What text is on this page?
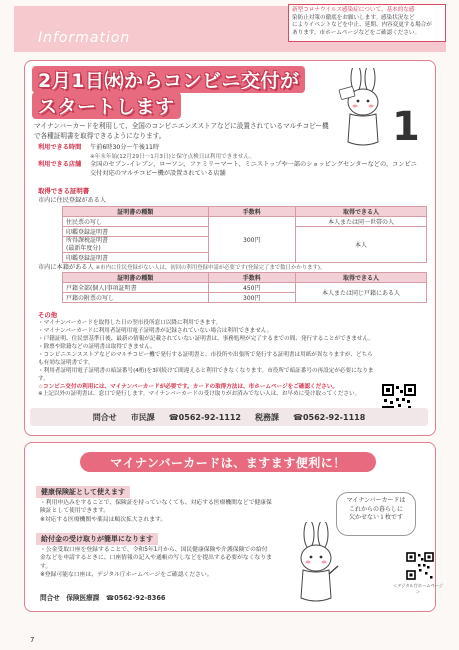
Information
新型コロナウイルス感染症について、基本的な感
染防止対策の徹底をお願いします。感染状況など
によりイベントなどを中止、延期、内容変更する場合が
あります。市ホームページなどをご確認ください。
2月1日㈬からコンビニ交付が
スタートします	1
マイナンバーカードを利用して、全国のコンビニエンスストアなどに設置されているマルチコピー機で各種証明書を取得できるようになります。
利用できる時間	午前6時30分〜午後11時
※年末年始(12月29日〜1月3日)と保守点検日は利用できません。
利用できる店舗	全国のセブン-イレブン、ローソン、ファミリーマート、ミニストップや一部のショッピングセンターなどの、コンビニ交付対応のマルチコピー機が設置されている店舗
取得できる証明書
市内に住民登録がある人
証明書の種類	手数料	取得できる人
住民票の写し	300円	本人または同一世帯の人
印鑑登録証明書		本人
所得課税証明書
(最新年度分)		
印鑑登録証明書		
市内に本籍がある人 ※市内に住民登録がない人は、初回の利用登録申請が必要です(登録完了まで数日かかります)。
証明書の種類	手数料	取得できる人
戸籍全部(個人)事項証明書	450円	本人または同じ戸籍にある人
戸籍の附票の写し	300円	
その他
・マイナンバーカードを取得した日の翌市役所窓口以降に利用できます。
・マイナンバーカードに利用者証明用電子証明書が記録されていない場合は利用できません。
・戸籍証明、住民票基準日後、最新の情報が記載されていない証明書は、事務処理が完了するまでの間、発行することができません。
・除票や除籍などの証明書は取得できません。
・コンビニエンスストアなどのマルチコピー機で発行する証明書と、市役所や出張所で発行する証明書は用紙が異なりますが、どちらも有効な証明書です。
・利用者証明用電子証明書の暗証番号(4桁)を3回続けて間違えると利用できなくなります。市役所で暗証番号の再設定が必要になります。
☆コンビニ交付の利用には、マイナンバーカードが必要です。カードの取得方法は、市ホームページをご確認ください。
※上記以外の証明書は、窓口で発行します。マイナンバーカードの受け取りがお済みでない人は、お早めに受け取ってください。
問合せ 市民課 ☎0562-92-1112 税務課 ☎0562-92-1118
マイナンバーカードは、ますます便利に！
健康保険証として使えます
・利用申込みをすることで、保険証を持っていなくても、対応する医療機関などで健康保険証として使用できます。
※対応する医療機関や薬局は順次拡大されます。
給付金の受け取りが簡単になります
・公金受取口座を登録することで、令和5年1月から、国民健康保険や介護保険での給付金などを申請するときに、口座情報の記入や通帳の写しなどを提出する必要がなくなります。
※登録可能な口座は、デジタル庁ホームページをご確認ください。
問合せ　保険医療課　☎0562-92-8366
マイナンバーカードは
これからの暮らしに
欠かせない１枚です
＜デジタル庁ホームページ＞
7
